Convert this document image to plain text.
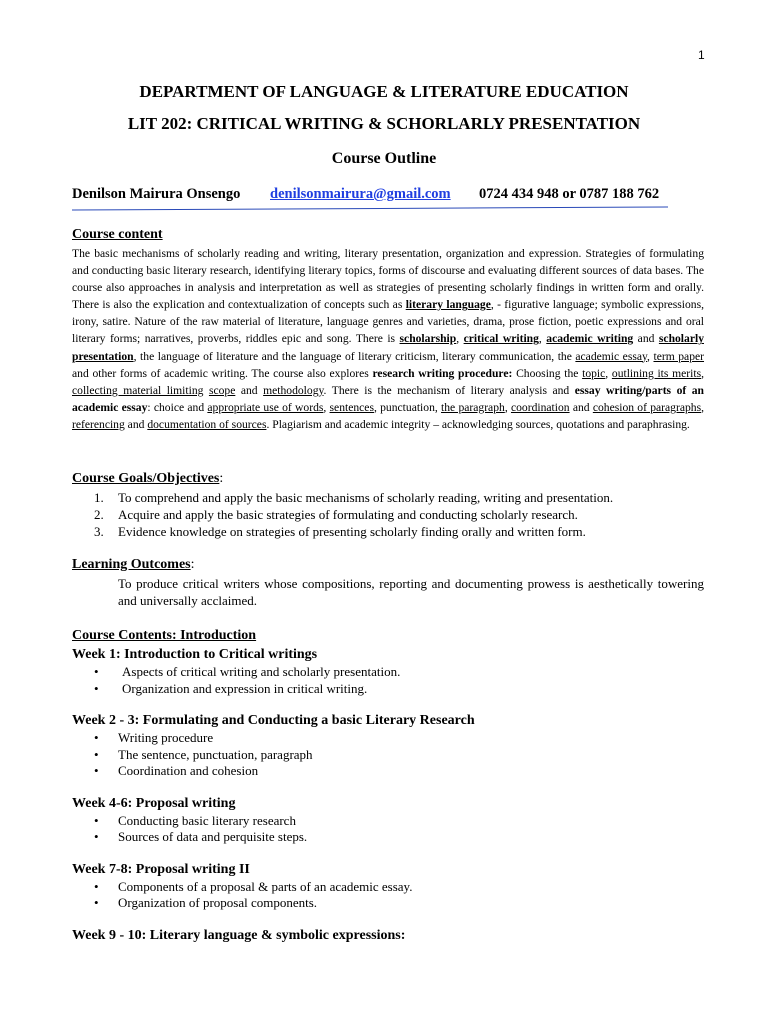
1
DEPARTMENT OF LANGUAGE & LITERATURE EDUCATION
LIT 202: CRITICAL WRITING & SCHORLARLY PRESENTATION
Course Outline
Denilson Mairura Onsengo denilsonmairura@gmail.com 0724 434 948 or 0787 188 762
Course content

The basic mechanisms of scholarly reading and writing, literary presentation, organization and expression. Strategies of formulating and conducting basic literary research, identifying literary topics, forms of discourse and evaluating different sources of data bases. The course also approaches in analysis and interpretation as well as strategies of presenting scholarly findings in written form and orally. There is also the explication and contextualization of concepts such as literary language, - figurative language; symbolic expressions, irony, satire. Nature of the raw material of literature, language genres and varieties, drama, prose fiction, poetic expressions and oral literary forms; narratives, proverbs, riddles epic and song. There is scholarship, critical writing, academic writing and scholarly presentation, the language of literature and the language of literary criticism, literary communication, the academic essay, term paper and other forms of academic writing. The course also explores research writing procedure: Choosing the topic, outlining its merits, collecting material limiting scope and methodology. There is the mechanism of literary analysis and essay writing/parts of an academic essay: choice and appropriate use of words, sentences, punctuation, the paragraph, coordination and cohesion of paragraphs, referencing and documentation of sources. Plagiarism and academic integrity – acknowledging sources, quotations and paraphrasing.

Course Goals/Objectives:
1. To comprehend and apply the basic mechanisms of scholarly reading, writing and presentation.
2. Acquire and apply the basic strategies of formulating and conducting scholarly research.
3. Evidence knowledge on strategies of presenting scholarly finding orally and written form.
Learning Outcomes:

To produce critical writers whose compositions, reporting and documenting prowess is aesthetically towering and universally acclaimed.

Course Contents: Introduction
Week 1: Introduction to Critical writings
• Aspects of critical writing and scholarly presentation.
• Organization and expression in critical writing.
Week 2 - 3: Formulating and Conducting a basic Literary Research
• Writing procedure
• The sentence, punctuation, paragraph
• Coordination and cohesion
Week 4-6: Proposal writing
• Conducting basic literary research
• Sources of data and perquisite steps.
Week 7-8: Proposal writing II
• Components of a proposal & parts of an academic essay.
• Organization of proposal components.
Week 9 - 10: Literary language & symbolic expressions:
